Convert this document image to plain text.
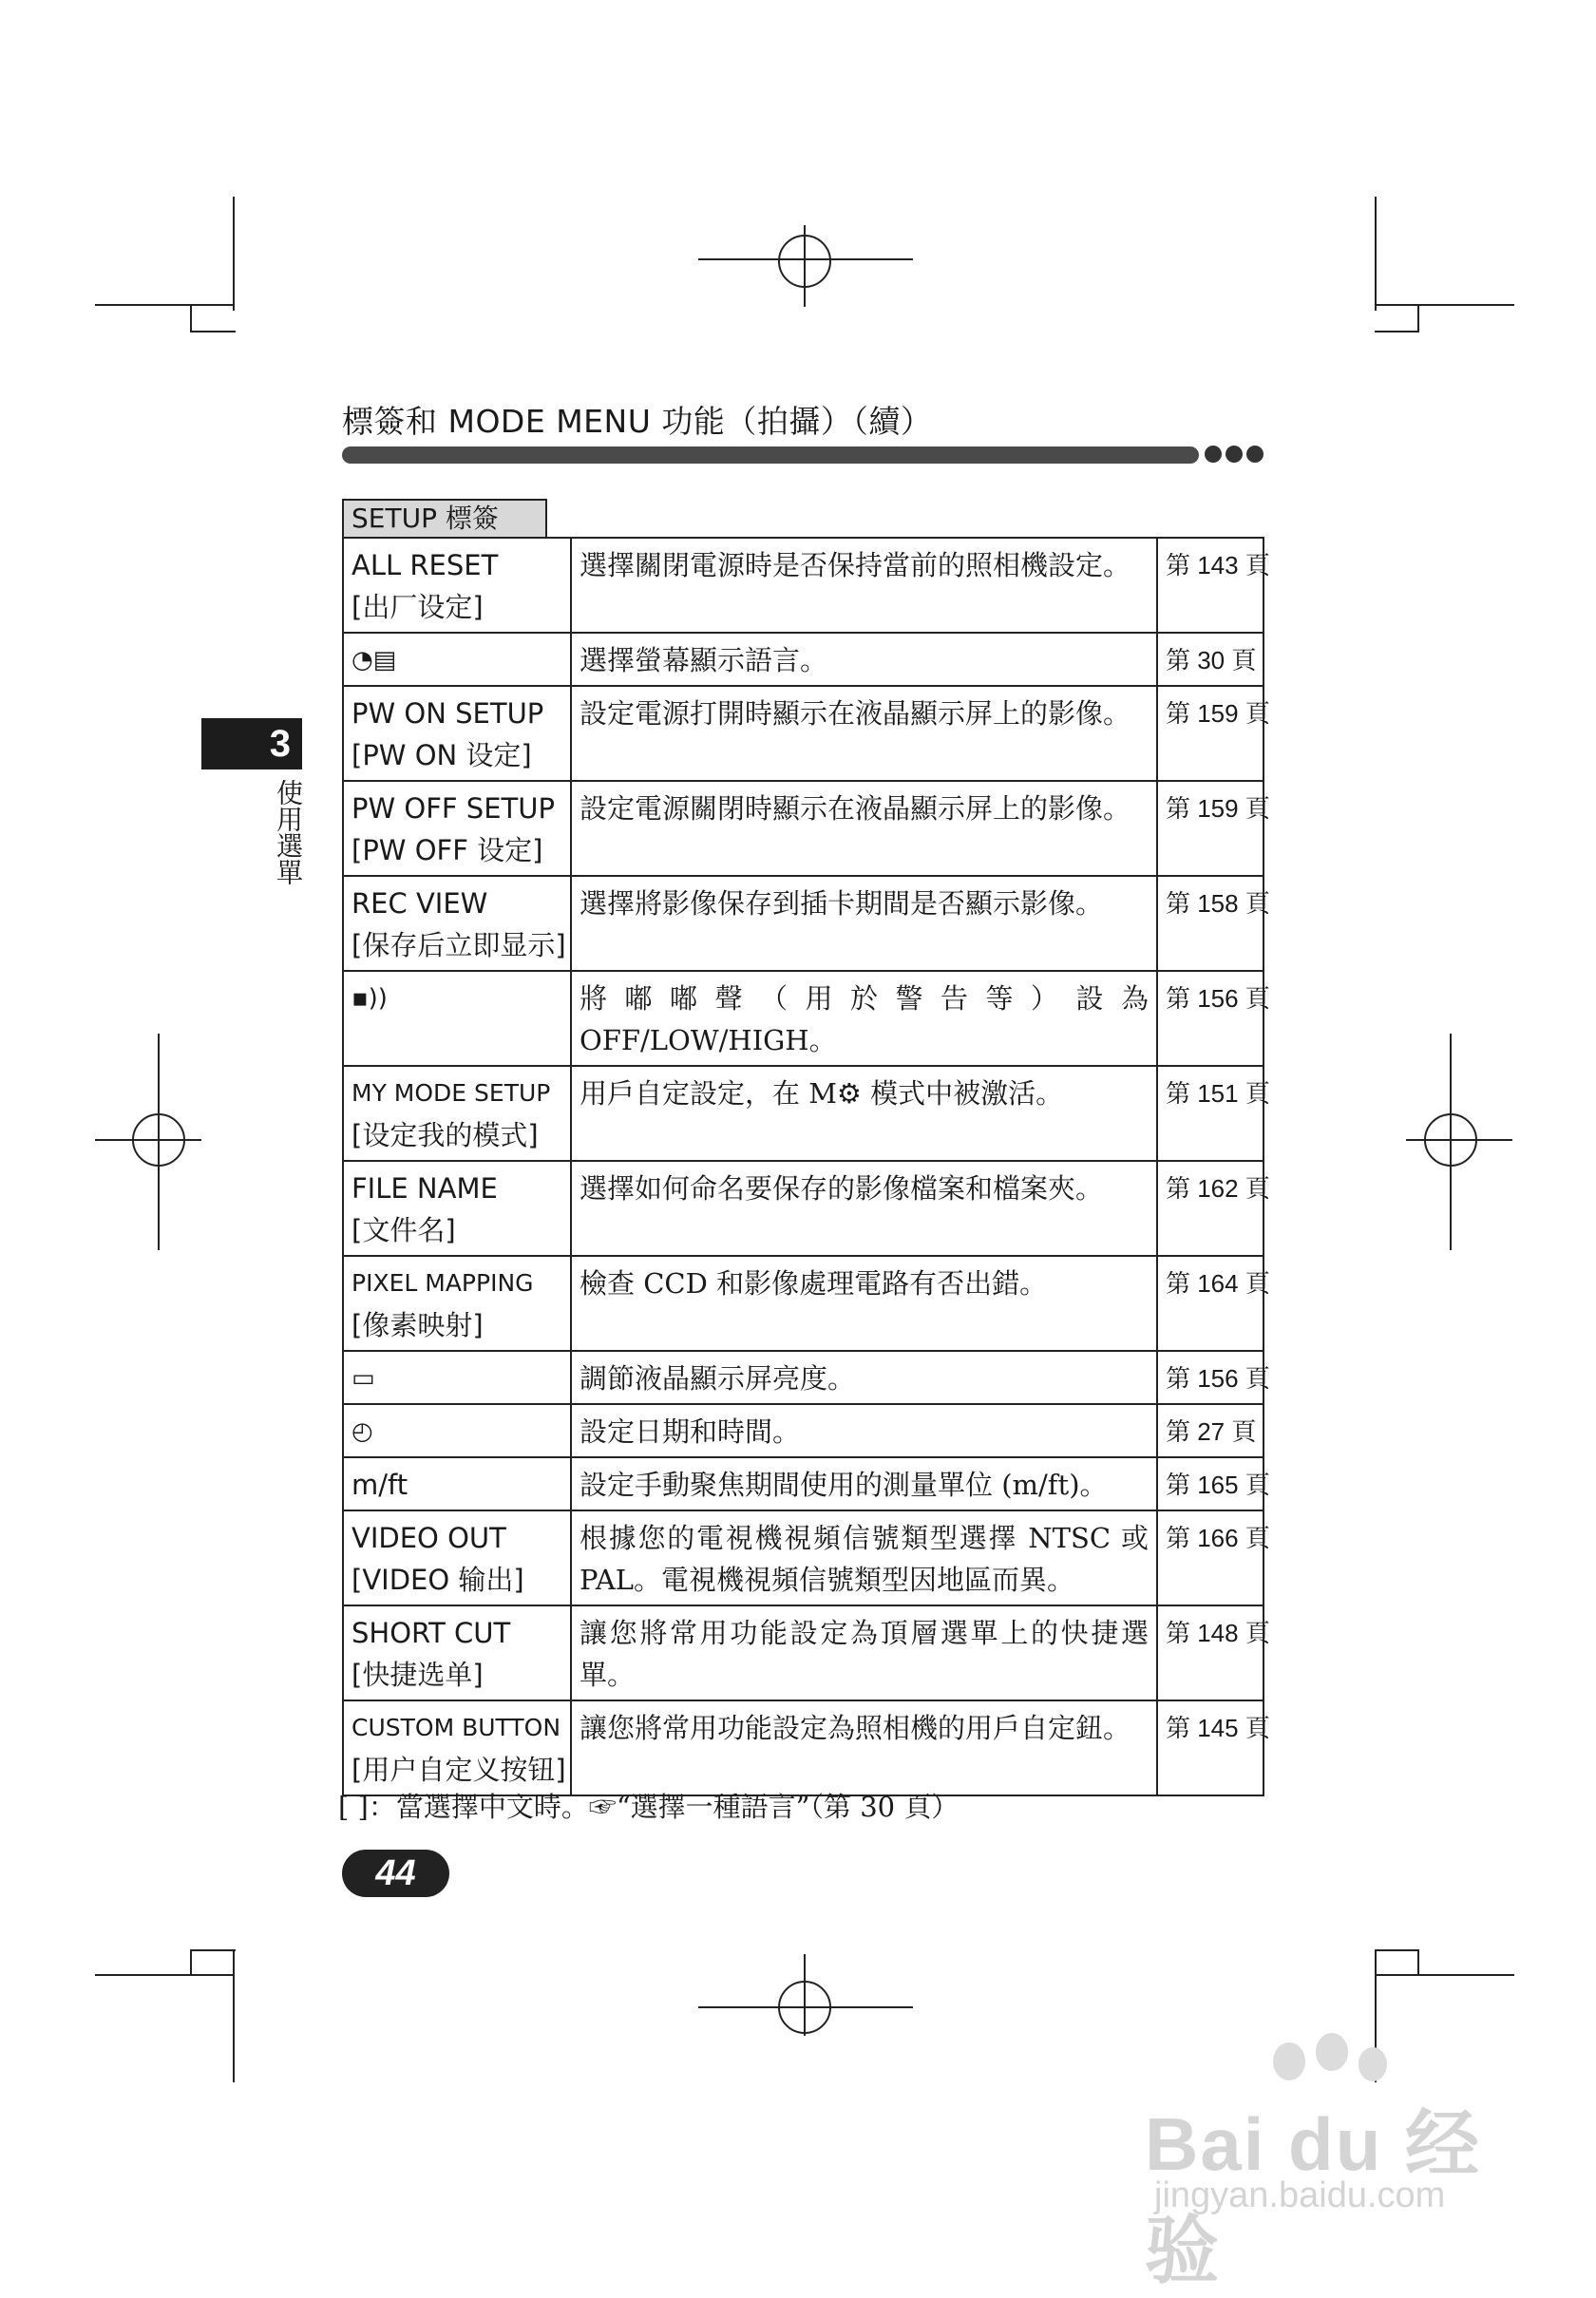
標簽和 MODE MENU 功能（拍攝）（續）
3
使用選單
SETUP 標簽
ALL RESET
[出厂设定]	選擇關閉電源時是否保持當前的照相機設定。	第 143 頁

◔▤	選擇螢幕顯示語言。	第 30 頁

PW ON SETUP
[PW ON 设定]	設定電源打開時顯示在液晶顯示屏上的影像。	第 159 頁

PW OFF SETUP
[PW OFF 设定]	設定電源關閉時顯示在液晶顯示屏上的影像。	第 159 頁

REC VIEW
[保存后立即显示]	選擇將影像保存到插卡期間是否顯示影像。	第 158 頁

▪))	將嘟嘟聲（用於警告等）設為 OFF/LOW/HIGH。	第 156 頁

MY MODE SETUP
[设定我的模式]	用戶自定設定，在 M⚙ 模式中被激活。	第 151 頁

FILE NAME
[文件名]	選擇如何命名要保存的影像檔案和檔案夾。	第 162 頁

PIXEL MAPPING
[像素映射]	檢查 CCD 和影像處理電路有否出錯。	第 164 頁

▭	調節液晶顯示屏亮度。	第 156 頁

◴	設定日期和時間。	第 27 頁

m/ft	設定手動聚焦期間使用的測量單位 (m/ft)。	第 165 頁

VIDEO OUT
[VIDEO 输出]	根據您的電視機視頻信號類型選擇 NTSC 或 PAL。電視機視頻信號類型因地區而異。	第 166 頁

SHORT CUT
[快捷选单]	讓您將常用功能設定為頂層選單上的快捷選單。	第 148 頁

CUSTOM BUTTON
[用户自定义按钮]	讓您將常用功能設定為照相機的用戶自定鈕。	第 145 頁
[ ]：當選擇中文時。☞“選擇一種語言”（第 30 頁）
44
Bai du 经验
jingyan.baidu.com
